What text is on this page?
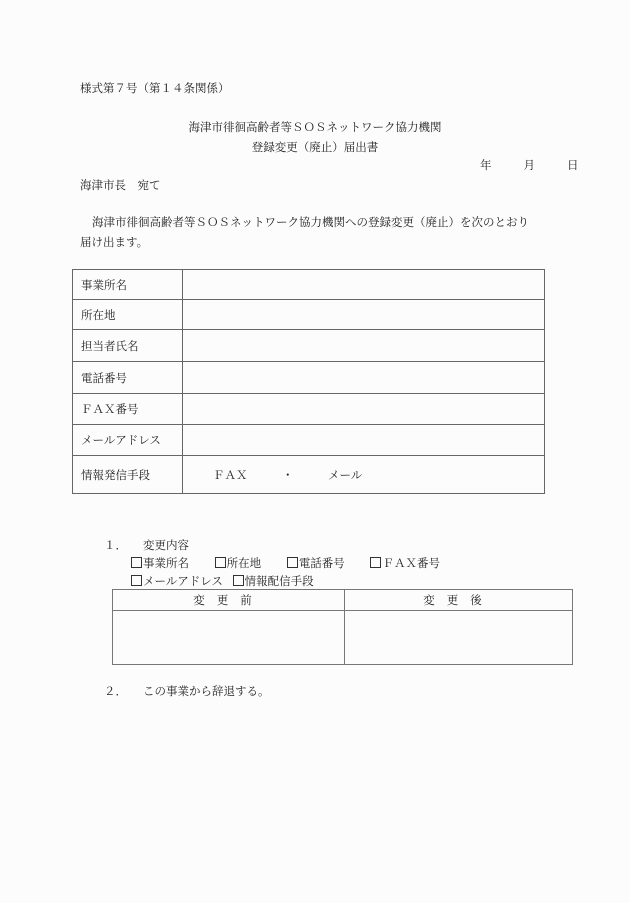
様式第７号（第１４条関係）
海津市徘徊高齢者等ＳＯＳネットワーク協力機関
登録変更（廃止）届出書
年	月	日
海津市長　宛て
海津市徘徊高齢者等ＳＯＳネットワーク協力機関への登録変更（廃止）を次のとおり
届け出ます。
事業所名	
所在地	
担当者氏名	
電話番号	
ＦＡＸ番号	
メールアドレス	
情報発信手段	ＦＡＸ　　　・　　　メール
１． 変更内容
事業所名	所在地	電話番号	ＦＡＸ番号
メールアドレス 情報配信手段
変更前	変更後

２． この事業から辞退する。
